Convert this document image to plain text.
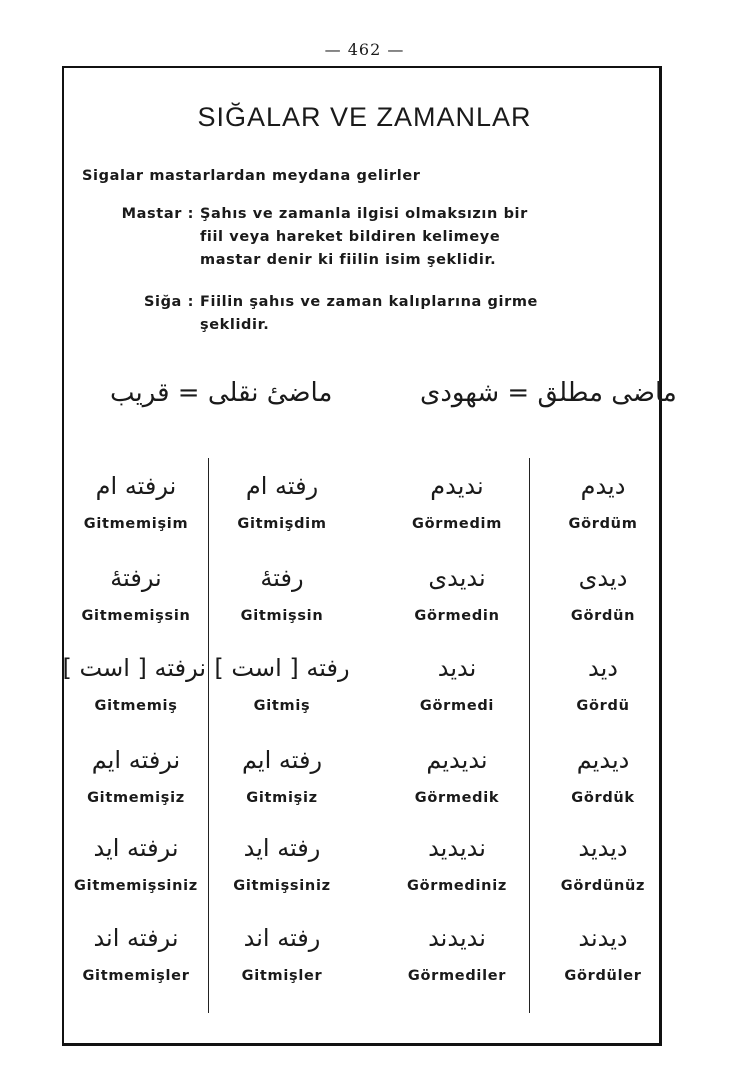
— 462 —
SIĞALAR VE ZAMANLAR
Sigalar mastarlardan meydana gelirler
Mastar : Şahıs ve zamanla ilgisi olmaksızın bir
fiil veya hareket bildiren kelimeye
mastar denir ki fiilin isim şeklidir.
Siğa : Fiilin şahıs ve zaman kalıplarına girme
şeklidir.
ماضیٔ نقلی = قریب	ماضی مطلق = شهودی
دیدم
Gördüm
دیدی
Gördün
دید
Gördü
دیدیم
Gördük
دیدید
Gördünüz
دیدند
Gördüler
ندیدم
Görmedim
ندیدی
Görmedin
ندید
Görmedi
ندیدیم
Görmedik
ندیدید
Görmediniz
ندیدند
Görmediler
رفته ام
Gitmişdim
رفتهٔ
Gitmişsin
رفته [ است ]
Gitmiş
رفته ایم
Gitmişiz
رفته اید
Gitmişsiniz
رفته اند
Gitmişler
نرفته ام
Gitmemişim
نرفتهٔ
Gitmemişsin
نرفته [ است ]
Gitmemiş
نرفته ایم
Gitmemişiz
نرفته اید
Gitmemişsiniz
نرفته اند
Gitmemişler
